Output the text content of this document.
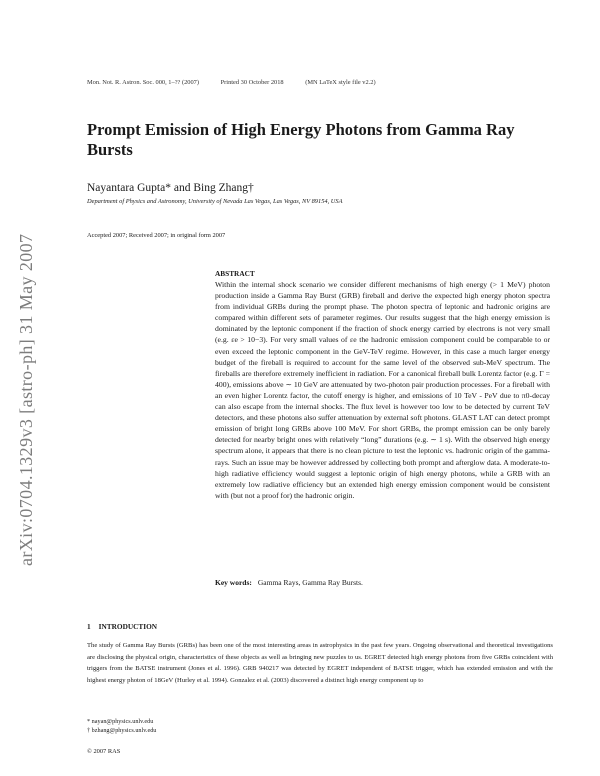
arXiv:0704.1329v3 [astro-ph] 31 May 2007
Mon. Not. R. Astron. Soc. 000, 1–?? (2007)	Printed 30 October 2018	(MN LaTeX style file v2.2)
Prompt Emission of High Energy Photons from Gamma Ray Bursts
Nayantara Gupta* and Bing Zhang†
Department of Physics and Astronomy, University of Nevada Las Vegas, Las Vegas, NV 89154, USA
Accepted 2007; Received 2007; in original form 2007
ABSTRACT
Within the internal shock scenario we consider different mechanisms of high energy (> 1 MeV) photon production inside a Gamma Ray Burst (GRB) fireball and derive the expected high energy photon spectra from individual GRBs during the prompt phase. The photon spectra of leptonic and hadronic origins are compared within different sets of parameter regimes. Our results suggest that the high energy emission is dominated by the leptonic component if the fraction of shock energy carried by electrons is not very small (e.g. εe > 10−3). For very small values of εe the hadronic emission component could be comparable to or even exceed the leptonic component in the GeV-TeV regime. However, in this case a much larger energy budget of the fireball is required to account for the same level of the observed sub-MeV spectrum. The fireballs are therefore extremely inefficient in radiation. For a canonical fireball bulk Lorentz factor (e.g. Γ = 400), emissions above ∼ 10 GeV are attenuated by two-photon pair production processes. For a fireball with an even higher Lorentz factor, the cutoff energy is higher, and emissions of 10 TeV - PeV due to π0-decay can also escape from the internal shocks. The flux level is however too low to be detected by current TeV detectors, and these photons also suffer attenuation by external soft photons. GLAST LAT can detect prompt emission of bright long GRBs above 100 MeV. For short GRBs, the prompt emission can be only barely detected for nearby bright ones with relatively “long” durations (e.g. ∼ 1 s). With the observed high energy spectrum alone, it appears that there is no clean picture to test the leptonic vs. hadronic origin of the gamma-rays. Such an issue may be however addressed by collecting both prompt and afterglow data. A moderate-to-high radiative efficiency would suggest a leptonic origin of high energy photons, while a GRB with an extremely low radiative efficiency but an extended high energy emission component would be consistent with (but not a proof for) the hadronic origin.
Key words: Gamma Rays, Gamma Ray Bursts.
1 INTRODUCTION
The study of Gamma Ray Bursts (GRBs) has been one of the most interesting areas in astrophysics in the past few years. Ongoing observational and theoretical investigations are disclosing the physical origin, characteristics of these objects as well as bringing new puzzles to us. EGRET detected high energy photons from five GRBs coincident with triggers from the BATSE instrument (Jones et al. 1996). GRB 940217 was detected by EGRET independent of BATSE trigger, which has extended emission and with the highest energy photon of 18GeV (Hurley et al. 1994). Gonzalez et al. (2003) discovered a distinct high energy component up to
* nayan@physics.unlv.edu
† bzhang@physics.unlv.edu
© 2007 RAS
